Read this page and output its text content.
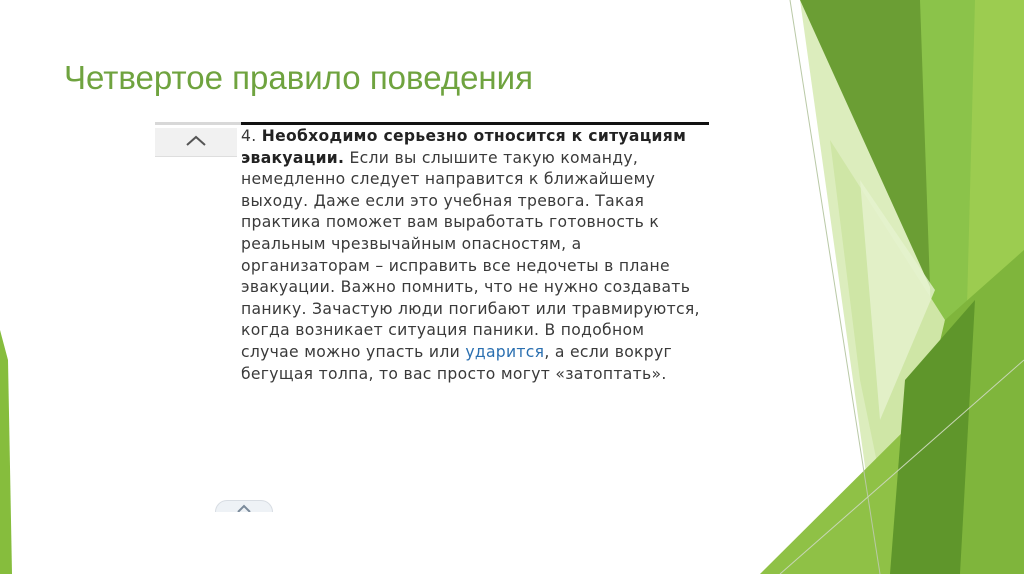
Четвертое правило поведения

4. Необходимо серьезно относится к ситуациям эвакуации. Если вы слышите такую команду, немедленно следует направится к ближайшему выходу. Даже если это учебная тревога. Такая практика поможет вам выработать готовность к реальным чрезвычайным опасностям, а организаторам – исправить все недочеты в плане эвакуации. Важно помнить, что не нужно создавать панику. Зачастую люди погибают или травмируются, когда возникает ситуация паники. В подобном случае можно упасть или ударится, а если вокруг бегущая толпа, то вас просто могут «затоптать».
